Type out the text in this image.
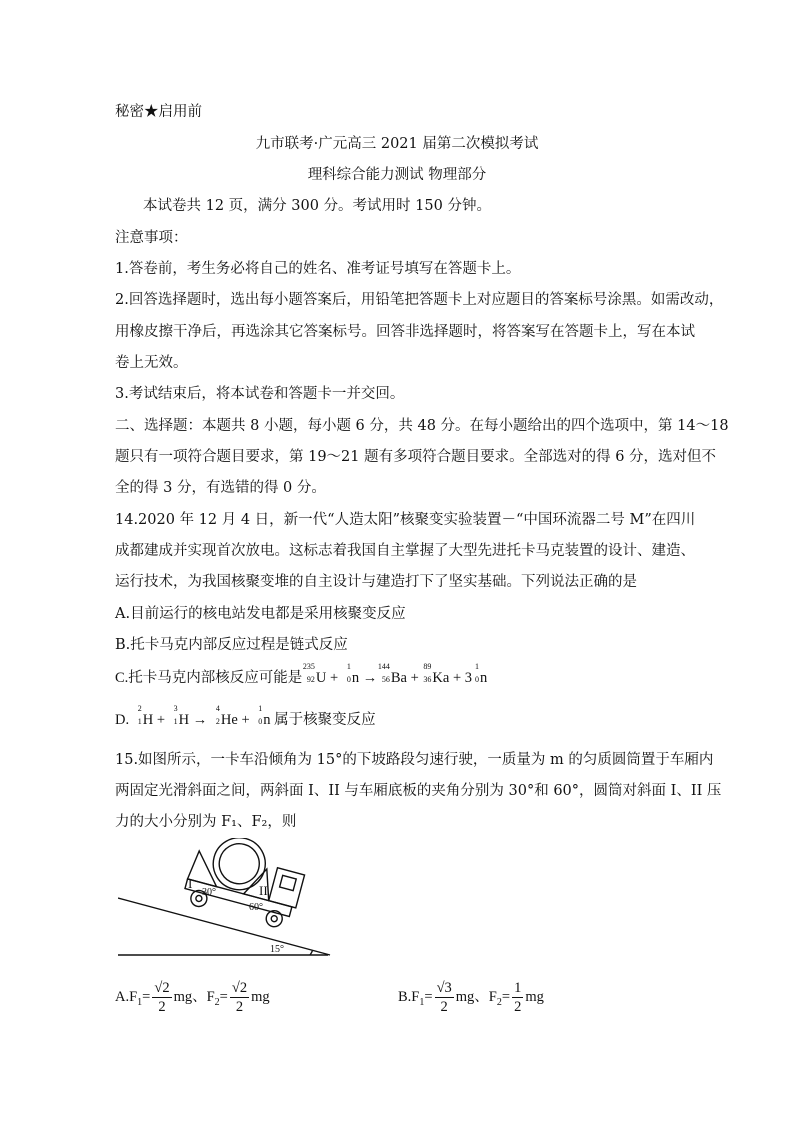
秘密★启用前
九市联考·广元高三 2021 届第二次模拟考试
理科综合能力测试 物理部分
本试卷共 12 页，满分 300 分。考试用时 150 分钟。
注意事项：
1.答卷前，考生务必将自己的姓名、准考证号填写在答题卡上。
2.回答选择题时，选出每小题答案后，用铅笔把答题卡上对应题目的答案标号涂黑。如需改动，
用橡皮擦干净后，再选涂其它答案标号。回答非选择题时，将答案写在答题卡上，写在本试
卷上无效。
3.考试结束后，将本试卷和答题卡一并交回。
二、选择题：本题共 8 小题，每小题 6 分，共 48 分。在每小题给出的四个选项中，第 14～18
题只有一项符合题目要求，第 19～21 题有多项符合题目要求。全部选对的得 6 分，选对但不
全的得 3 分，有选错的得 0 分。
14.2020 年 12 月 4 日，新一代“人造太阳”核聚变实验装置－“中国环流器二号 M”在四川
成都建成并实现首次放电。这标志着我国自主掌握了大型先进托卡马克装置的设计、建造、
运行技术，为我国核聚变堆的自主设计与建造打下了坚实基础。下列说法正确的是
A.目前运行的核电站发电都是采用核聚变反应
B.托卡马克内部反应过程是链式反应
C.托卡马克内部核反应可能是
235
92 U +
1
0 n →
144
56 Ba +
89
36 Ka + 3
1
0 n
D.
2
1 H +
3
1 H →
4
2 He +
1
0 n 属于核聚变反应
15.如图所示，一卡车沿倾角为 15°的下坡路段匀速行驶，一质量为 m 的匀质圆筒置于车厢内
两固定光滑斜面之间，两斜面 I、II 与车厢底板的夹角分别为 30°和 60°，圆筒对斜面 I、II 压
力的大小分别为 F₁、F₂，则
I
30°	II
60°
15°
$A.F_1= \frac{√2}{2}$ mg、$F_2= \frac{√2}{2}$ mg	$B.F_1= \frac{√3}{2}$ mg、$F_2= \frac{1}{2}$ mg
